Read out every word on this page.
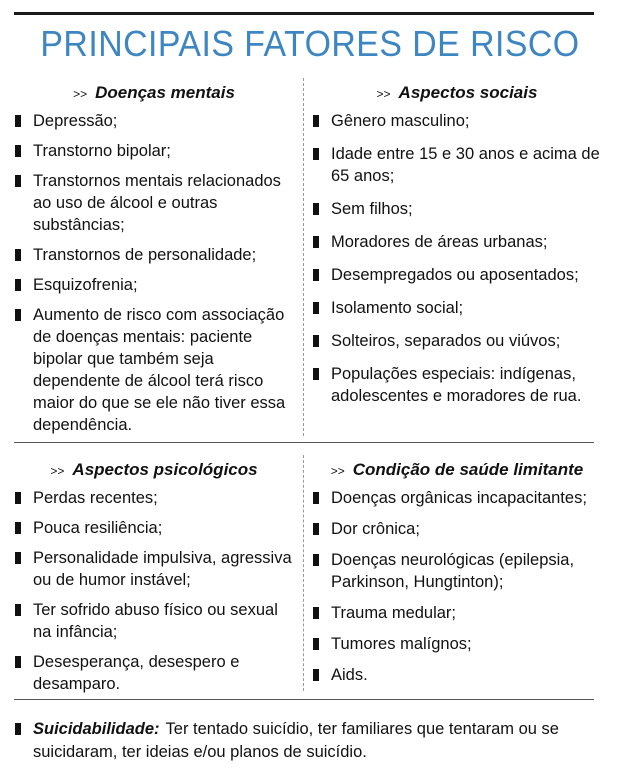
PRINCIPAIS FATORES DE RISCO
>> Doenças mentais
Depressão;
Transtorno bipolar;
Transtornos mentais relacionados ao uso de álcool e outras substâncias;
Transtornos de personalidade;
Esquizofrenia;
Aumento de risco com associação de doenças mentais: paciente bipolar que também seja dependente de álcool terá risco maior do que se ele não tiver essa dependência.
>> Aspectos sociais
Gênero masculino;
Idade entre 15 e 30 anos e acima de 65 anos;
Sem filhos;
Moradores de áreas urbanas;
Desempregados ou aposentados;
Isolamento social;
Solteiros, separados ou viúvos;
Populações especiais: indígenas, adolescentes e moradores de rua.
>> Aspectos psicológicos
Perdas recentes;
Pouca resiliência;
Personalidade impulsiva, agressiva ou de humor instável;
Ter sofrido abuso físico ou sexual na infância;
Desesperança, desespero e desamparo.
>> Condição de saúde limitante
Doenças orgânicas incapacitantes;
Dor crônica;
Doenças neurológicas (epilepsia, Parkinson, Hungtinton);
Trauma medular;
Tumores malígnos;
Aids.
Suicidabilidade: Ter tentado suicídio, ter familiares que tentaram ou se suicidaram, ter ideias e/ou planos de suicídio.
